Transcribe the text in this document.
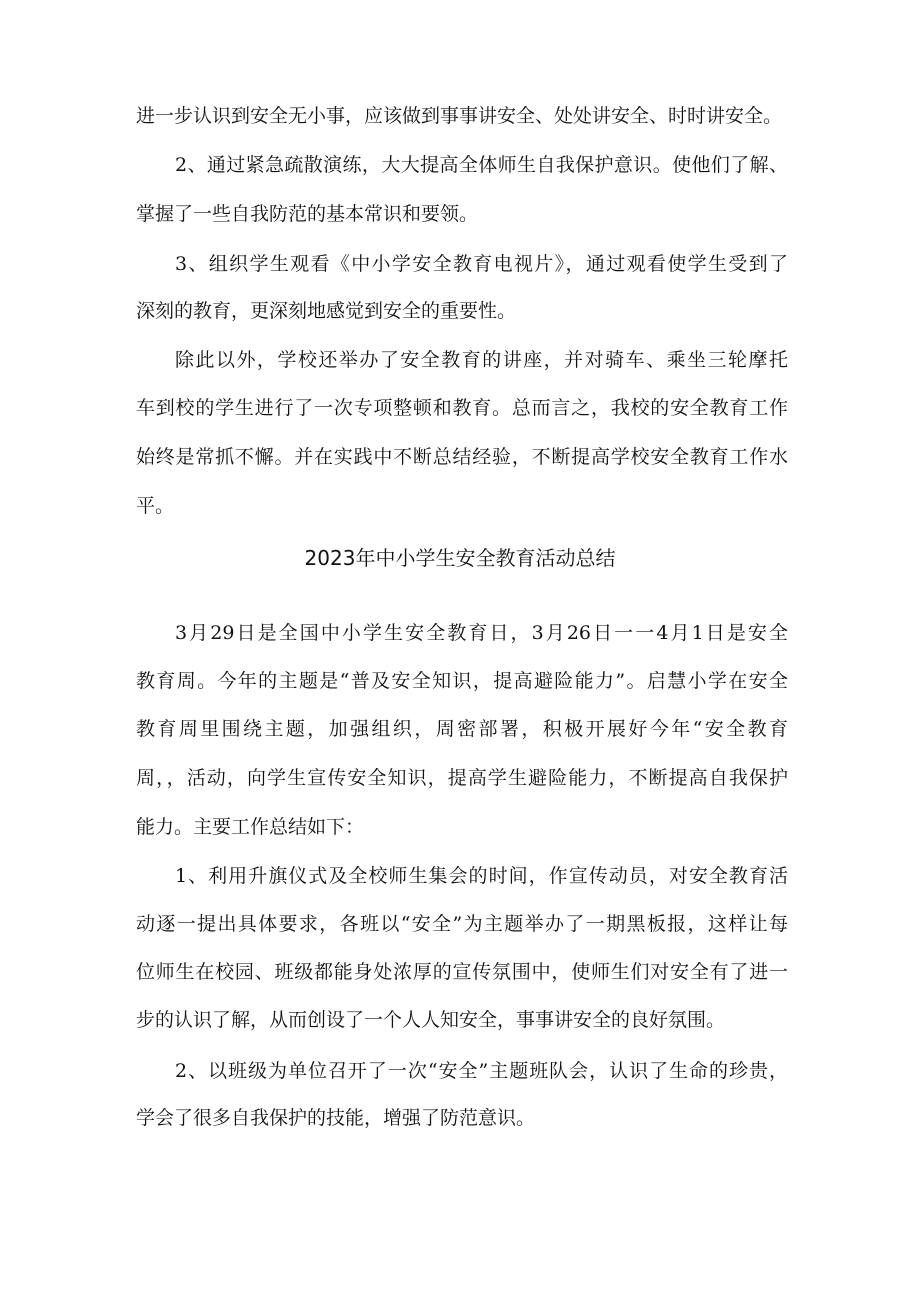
进一步认识到安全无小事，应该做到事事讲安全、处处讲安全、时时讲安全。
2、通过紧急疏散演练，大大提高全体师生自我保护意识。使他们了解、
掌握了一些自我防范的基本常识和要领。
3、组织学生观看《中小学安全教育电视片》，通过观看使学生受到了
深刻的教育，更深刻地感觉到安全的重要性。
除此以外，学校还举办了安全教育的讲座，并对骑车、乘坐三轮摩托
车到校的学生进行了一次专项整顿和教育。总而言之，我校的安全教育工作
始终是常抓不懈。并在实践中不断总结经验，不断提高学校安全教育工作水
平。
2023年中小学生安全教育活动总结
3月29日是全国中小学生安全教育日，3月26日一一4月1日是安全
教育周。今年的主题是“普及安全知识，提高避险能力”。启慧小学在安全
教育周里围绕主题，加强组织，周密部署，积极开展好今年“安全教育
周，，活动，向学生宣传安全知识，提高学生避险能力，不断提高自我保护
能力。主要工作总结如下：
1、利用升旗仪式及全校师生集会的时间，作宣传动员，对安全教育活
动逐一提出具体要求，各班以“安全”为主题举办了一期黑板报，这样让每
位师生在校园、班级都能身处浓厚的宣传氛围中，使师生们对安全有了进一
步的认识了解，从而创设了一个人人知安全，事事讲安全的良好氛围。
2、以班级为单位召开了一次“安全”主题班队会，认识了生命的珍贵，
学会了很多自我保护的技能，增强了防范意识。
